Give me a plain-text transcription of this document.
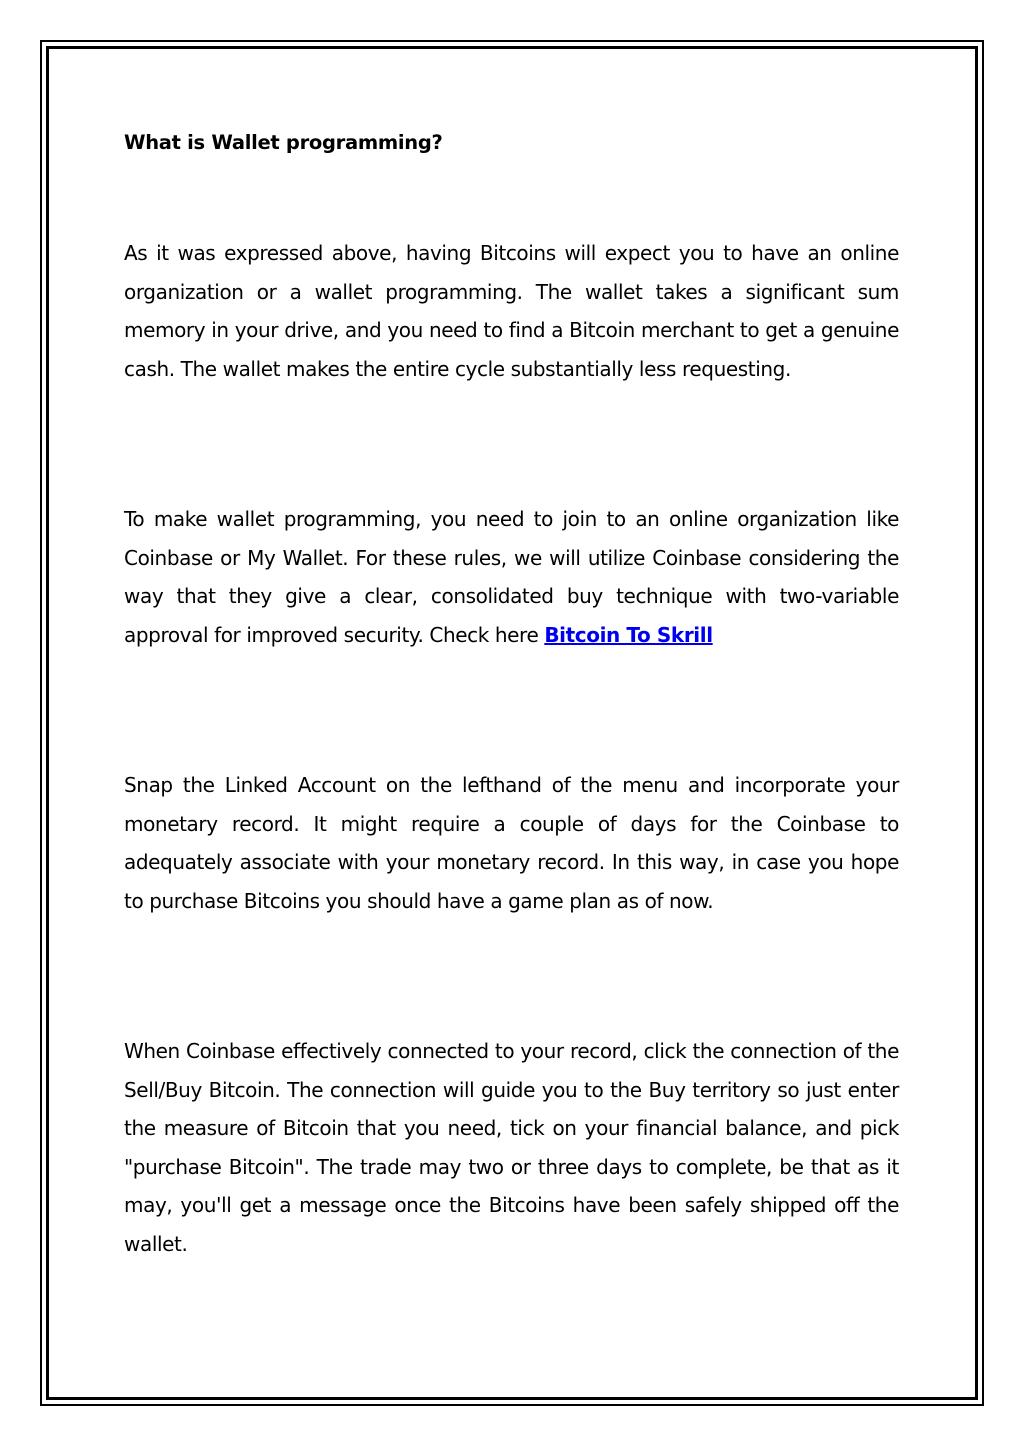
What is Wallet programming?

As it was expressed above, having Bitcoins will expect you to have an online organization or a wallet programming. The wallet takes a significant sum memory in your drive, and you need to find a Bitcoin merchant to get a genuine cash. The wallet makes the entire cycle substantially less requesting.

To make wallet programming, you need to join to an online organization like Coinbase or My Wallet. For these rules, we will utilize Coinbase considering the way that they give a clear, consolidated buy technique with two-variable approval for improved security. Check here Bitcoin To Skrill

Snap the Linked Account on the lefthand of the menu and incorporate your monetary record. It might require a couple of days for the Coinbase to adequately associate with your monetary record. In this way, in case you hope to purchase Bitcoins you should have a game plan as of now.

When Coinbase effectively connected to your record, click the connection of the Sell/Buy Bitcoin. The connection will guide you to the Buy territory so just enter the measure of Bitcoin that you need, tick on your financial balance, and pick "purchase Bitcoin". The trade may two or three days to complete, be that as it may, you'll get a message once the Bitcoins have been safely shipped off the wallet.
